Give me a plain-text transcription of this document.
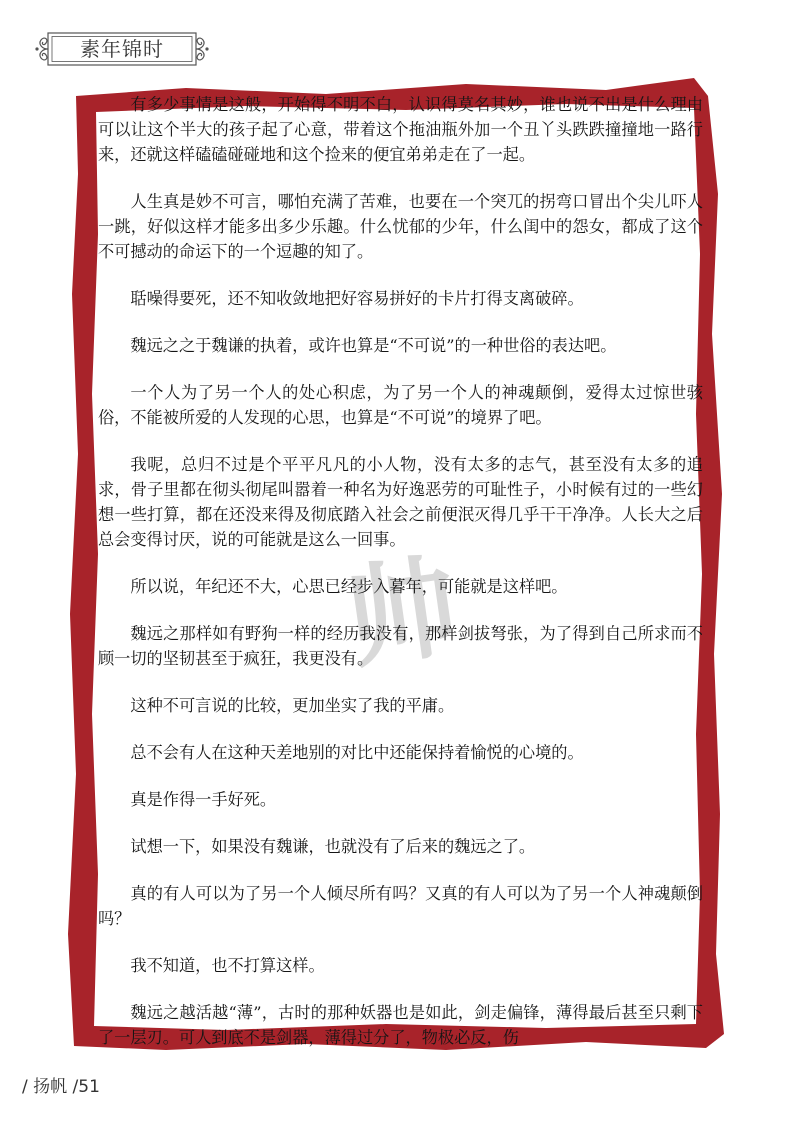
素年锦时
帅

有多少事情是这般，开始得不明不白，认识得莫名其妙，谁也说不出是什么理由可以让这个半大的孩子起了心意，带着这个拖油瓶外加一个丑丫头跌跌撞撞地一路行来，还就这样磕磕碰碰地和这个捡来的便宜弟弟走在了一起。

人生真是妙不可言，哪怕充满了苦难，也要在一个突兀的拐弯口冒出个尖儿吓人一跳，好似这样才能多出多少乐趣。什么忧郁的少年，什么闺中的怨女，都成了这个不可撼动的命运下的一个逗趣的知了。

聒噪得要死，还不知收敛地把好容易拼好的卡片打得支离破碎。

魏远之之于魏谦的执着，或许也算是“不可说”的一种世俗的表达吧。

一个人为了另一个人的处心积虑，为了另一个人的神魂颠倒，爱得太过惊世骇俗，不能被所爱的人发现的心思，也算是“不可说”的境界了吧。

我呢，总归不过是个平平凡凡的小人物，没有太多的志气，甚至没有太多的追求，骨子里都在彻头彻尾叫嚣着一种名为好逸恶劳的可耻性子，小时候有过的一些幻想一些打算，都在还没来得及彻底踏入社会之前便泯灭得几乎干干净净。人长大之后总会变得讨厌，说的可能就是这么一回事。

所以说，年纪还不大，心思已经步入暮年，可能就是这样吧。

魏远之那样如有野狗一样的经历我没有，那样剑拔弩张，为了得到自己所求而不顾一切的坚韧甚至于疯狂，我更没有。

这种不可言说的比较，更加坐实了我的平庸。

总不会有人在这种天差地别的对比中还能保持着愉悦的心境的。

真是作得一手好死。

试想一下，如果没有魏谦，也就没有了后来的魏远之了。

真的有人可以为了另一个人倾尽所有吗？又真的有人可以为了另一个人神魂颠倒吗？

我不知道，也不打算这样。

魏远之越活越“薄”，古时的那种妖器也是如此，剑走偏锋，薄得最后甚至只剩下了一层刃。可人到底不是剑器，薄得过分了，物极必反，伤

/ 扬帆 /51
